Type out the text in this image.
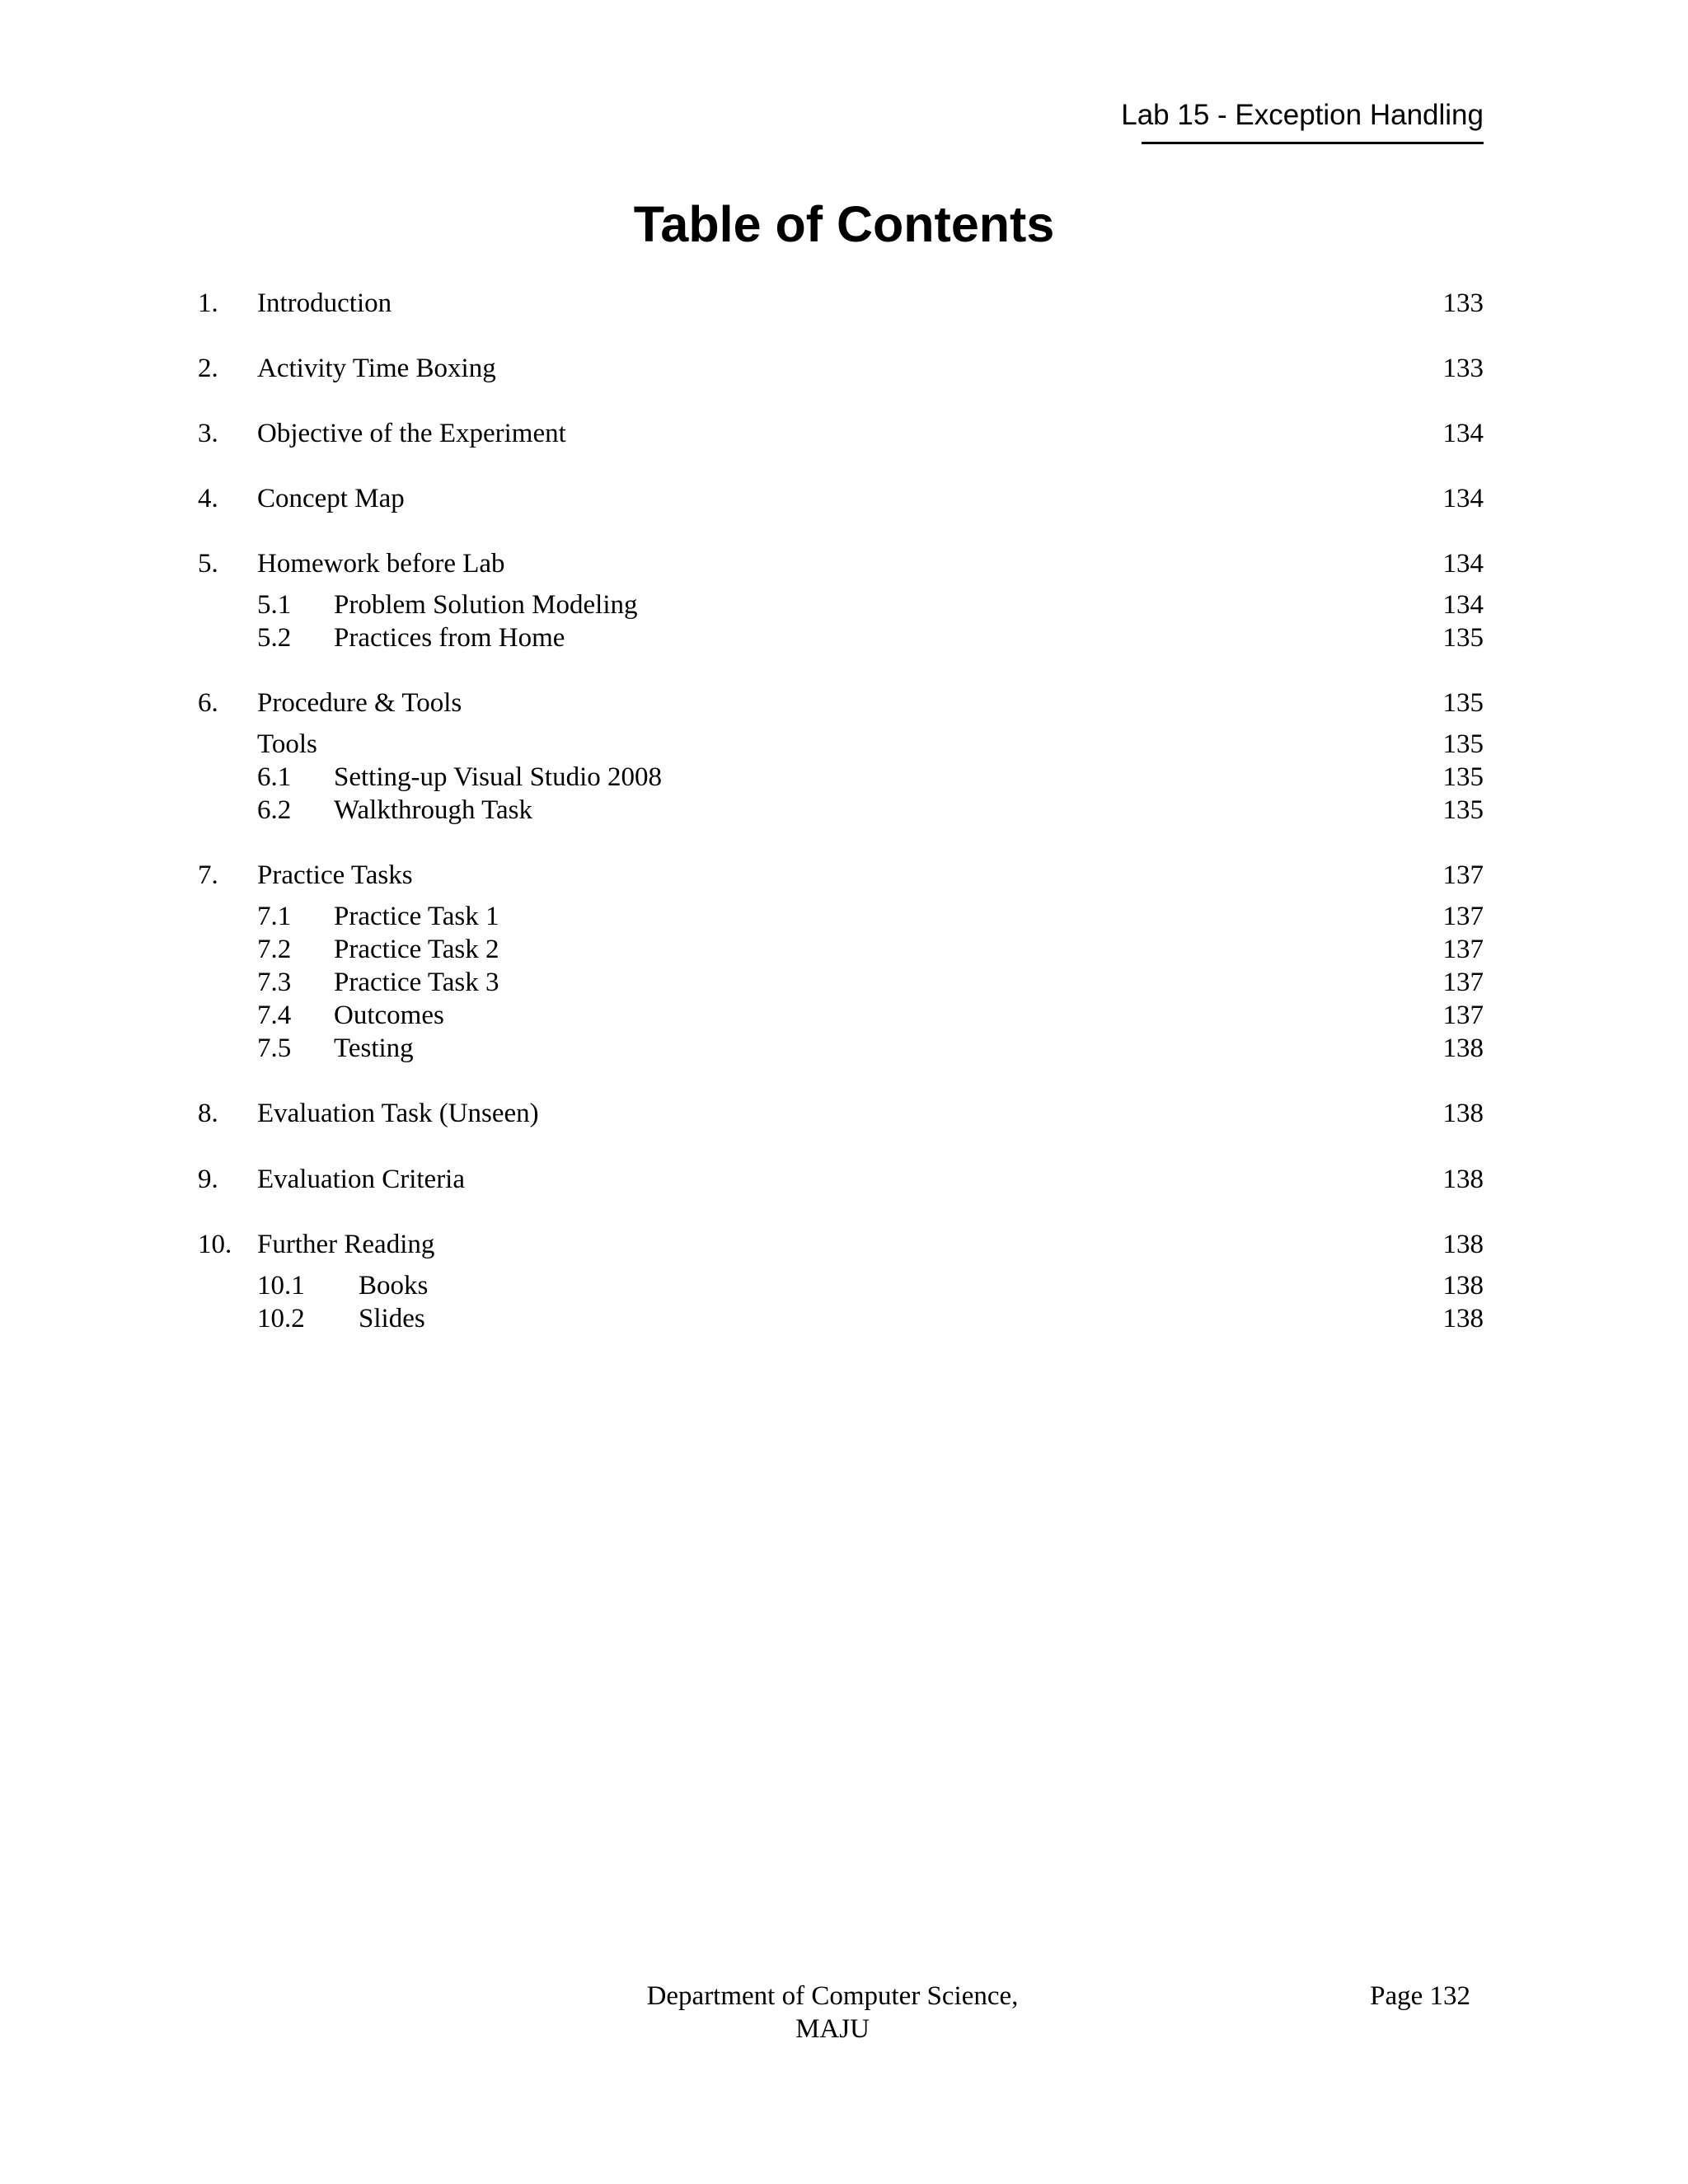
Lab 15 - Exception Handling
Table of Contents
1. Introduction	133
2. Activity Time Boxing	133
3. Objective of the Experiment	134
4. Concept Map	134
5. Homework before Lab	134
5.1 Problem Solution Modeling	134
5.2 Practices from Home	135
6. Procedure & Tools	135
Tools	135
6.1 Setting-up Visual Studio 2008	135
6.2 Walkthrough Task	135
7. Practice Tasks	137
7.1 Practice Task 1	137
7.2 Practice Task 2	137
7.3 Practice Task 3	137
7.4 Outcomes	137
7.5 Testing	138
8. Evaluation Task (Unseen)	138
9. Evaluation Criteria	138
10. Further Reading	138
10.1 Books	138
10.2 Slides	138
Department of Computer Science,
MAJU
Page 132
